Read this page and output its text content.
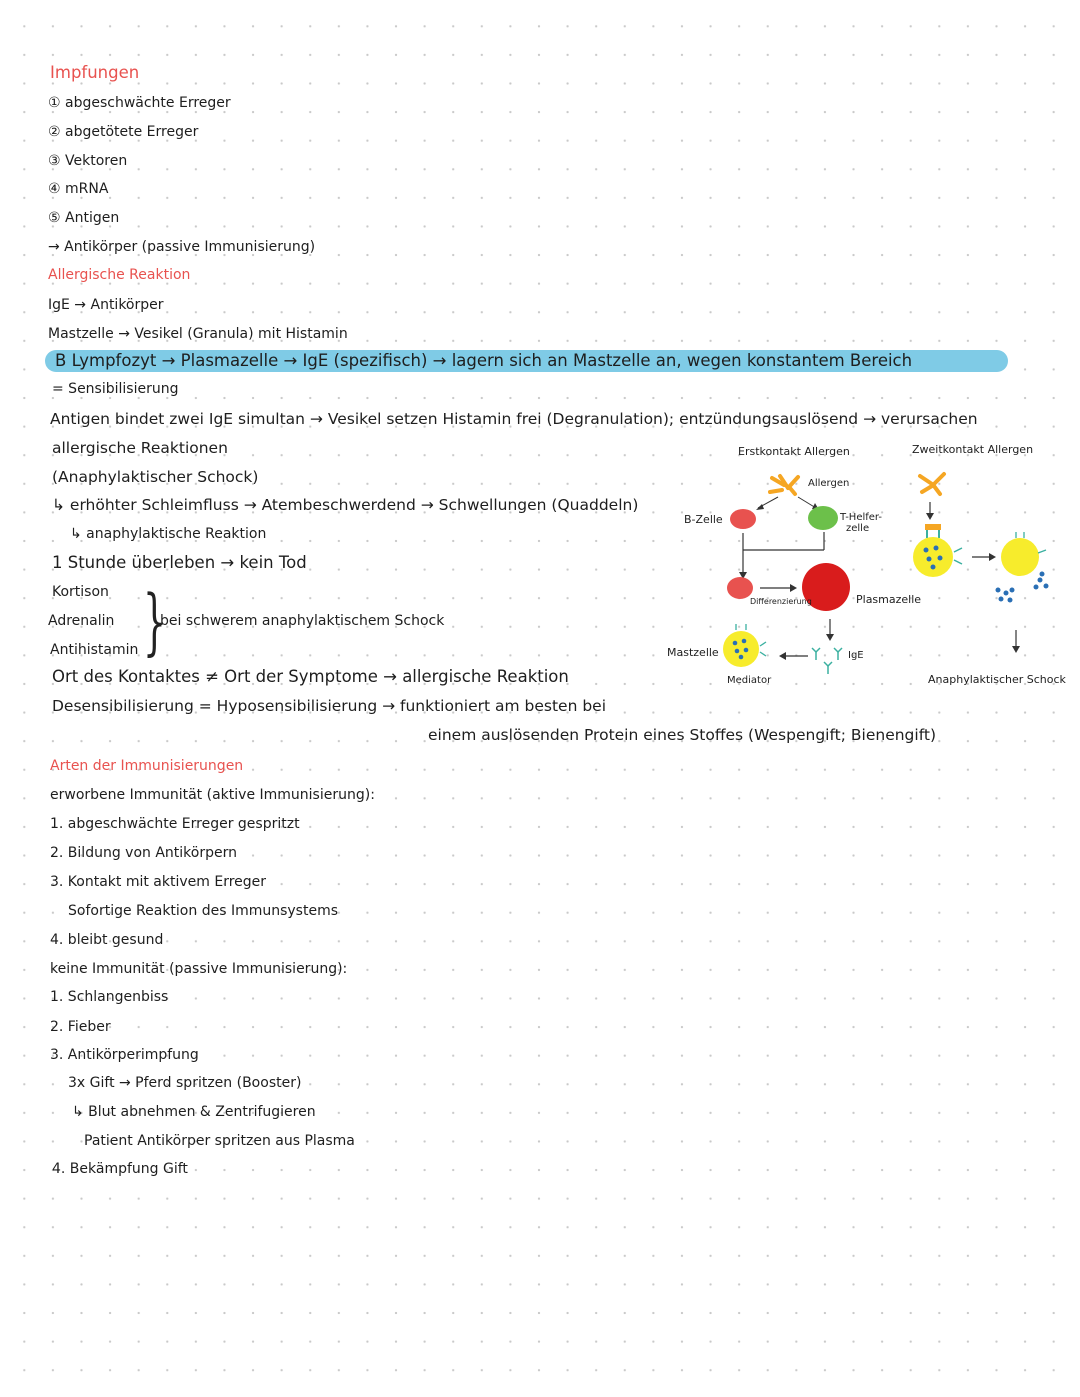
Impfungen
① abgeschwächte Erreger
② abgetötete Erreger
③ Vektoren
④ mRNA
⑤ Antigen
→ Antikörper (passive Immunisierung)
Allergische Reaktion
IgE → Antikörper
Mastzelle → Vesikel (Granula) mit Histamin
B Lympfozyt → Plasmazelle → IgE (spezifisch) → lagern sich an Mastzelle an, wegen konstantem Bereich
= Sensibilisierung
Antigen bindet zwei IgE simultan → Vesikel setzen Histamin frei (Degranulation); entzündungsauslösend → verursachen
allergische Reaktionen
(Anaphylaktischer Schock)
↳ erhöhter Schleimfluss → Atembeschwerdend → Schwellungen (Quaddeln)
↳ anaphylaktische Reaktion
1 Stunde überleben → kein Tod
Kortison
Adrenalin
Antihistamin }
bei schwerem anaphylaktischem Schock
Ort des Kontaktes ≠ Ort der Symptome → allergische Reaktion
Desensibilisierung = Hyposensibilisierung → funktioniert am besten bei
einem auslösenden Protein eines Stoffes (Wespengift; Bienengift)
Erstkontakt Allergen	Zweitkontakt Allergen
Allergen
B-Zelle	T-Helfer-
zelle
Differenzierung	Plasmazelle
Mastzelle	IgE
Mediator	Anaphylaktischer Schock
Arten der Immunisierungen
erworbene Immunität (aktive Immunisierung):
1. abgeschwächte Erreger gespritzt
2. Bildung von Antikörpern
3. Kontakt mit aktivem Erreger
Sofortige Reaktion des Immunsystems
4. bleibt gesund
keine Immunität (passive Immunisierung):
1. Schlangenbiss
2. Fieber
3. Antikörperimpfung
3x Gift → Pferd spritzen (Booster)
↳ Blut abnehmen & Zentrifugieren
Patient Antikörper spritzen aus Plasma
4. Bekämpfung Gift
